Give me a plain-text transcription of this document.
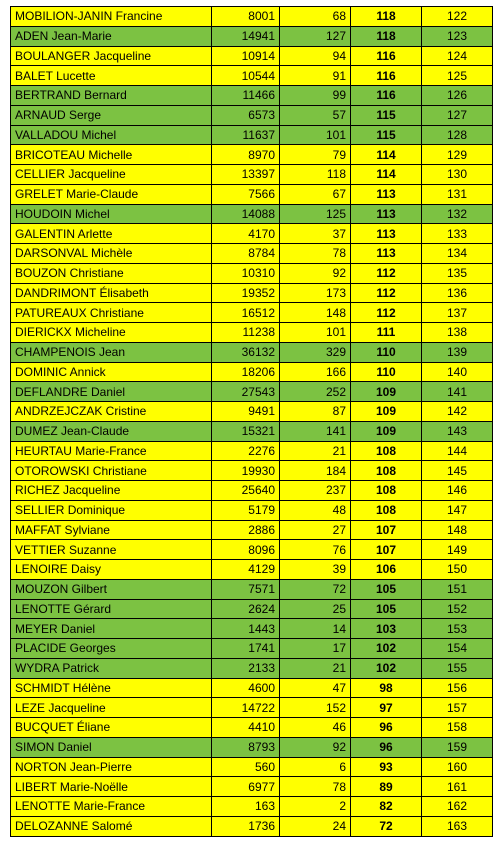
MOBILION-JANIN Francine	8001	68	118	122
ADEN Jean-Marie	14941	127	118	123
BOULANGER Jacqueline	10914	94	116	124
BALET Lucette	10544	91	116	125
BERTRAND Bernard	11466	99	116	126
ARNAUD Serge	6573	57	115	127
VALLADOU Michel	11637	101	115	128
BRICOTEAU Michelle	8970	79	114	129
CELLIER Jacqueline	13397	118	114	130
GRELET Marie-Claude	7566	67	113	131
HOUDOIN Michel	14088	125	113	132
GALENTIN Arlette	4170	37	113	133
DARSONVAL Michèle	8784	78	113	134
BOUZON Christiane	10310	92	112	135
DANDRIMONT Élisabeth	19352	173	112	136
PATUREAUX Christiane	16512	148	112	137
DIERICKX Micheline	11238	101	111	138
CHAMPENOIS Jean	36132	329	110	139
DOMINIC Annick	18206	166	110	140
DEFLANDRE Daniel	27543	252	109	141
ANDRZEJCZAK Cristine	9491	87	109	142
DUMEZ Jean-Claude	15321	141	109	143
HEURTAU Marie-France	2276	21	108	144
OTOROWSKI Christiane	19930	184	108	145
RICHEZ Jacqueline	25640	237	108	146
SELLIER Dominique	5179	48	108	147
MAFFAT Sylviane	2886	27	107	148
VETTIER Suzanne	8096	76	107	149
LENOIRE Daisy	4129	39	106	150
MOUZON Gilbert	7571	72	105	151
LENOTTE Gérard	2624	25	105	152
MEYER Daniel	1443	14	103	153
PLACIDE Georges	1741	17	102	154
WYDRA Patrick	2133	21	102	155
SCHMIDT Hélène	4600	47	98	156
LEZE Jacqueline	14722	152	97	157
BUCQUET Éliane	4410	46	96	158
SIMON Daniel	8793	92	96	159
NORTON Jean-Pierre	560	6	93	160
LIBERT Marie-Noëlle	6977	78	89	161
LENOTTE Marie-France	163	2	82	162
DELOZANNE Salomé	1736	24	72	163
